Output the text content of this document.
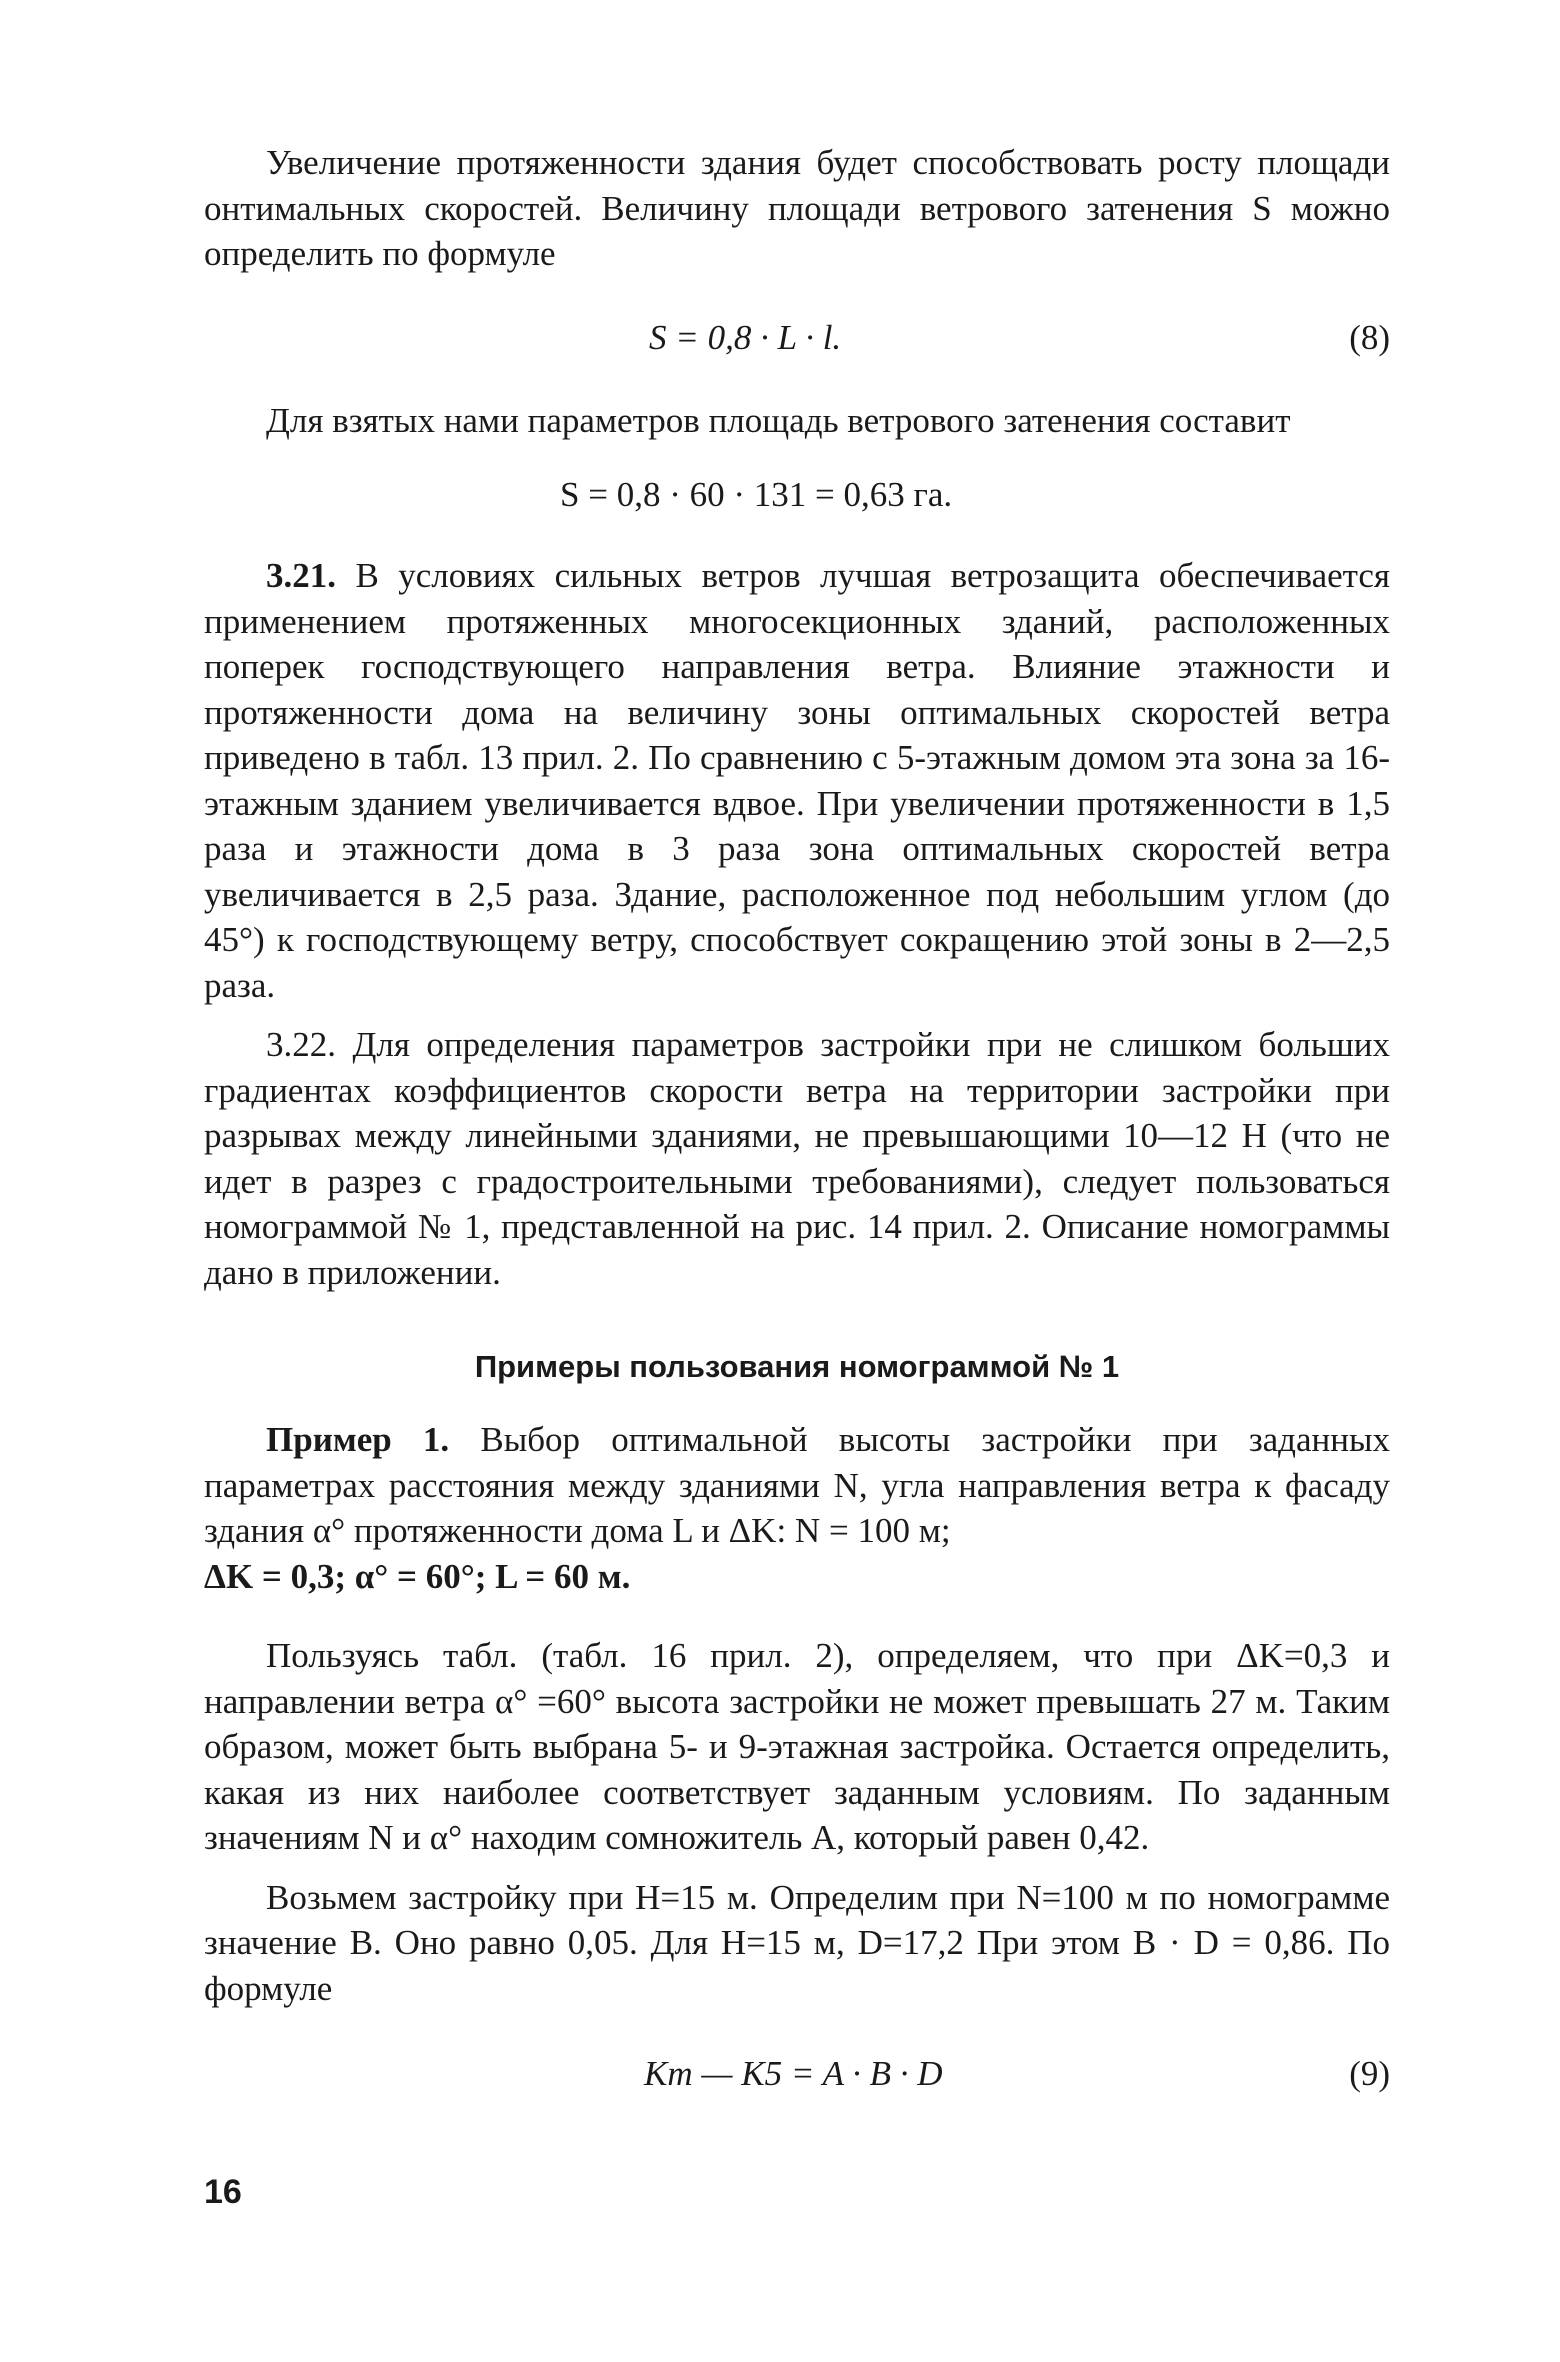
Увеличение протяженности здания будет способствовать росту площади онтимальных скоростей. Величину площади ветрового затенения S можно определить по формуле

S = 0,8 · L · l.	(8)

Для взятых нами параметров площадь ветрового затенения составит

S = 0,8 · 60 · 131 = 0,63 га.

3.21. В условиях сильных ветров лучшая ветрозащита обеспечивается применением протяженных многосекционных зданий, расположенных поперек господствующего направления ветра. Влияние этажности и протяженности дома на величину зоны оптимальных скоростей ветра приведено в табл. 13 прил. 2. По сравнению с 5-этажным домом эта зона за 16-этажным зданием увеличивается вдвое. При увеличении протяженности в 1,5 раза и этажности дома в 3 раза зона оптимальных скоростей ветра увеличивается в 2,5 раза. Здание, расположенное под небольшим углом (до 45°) к господствующему ветру, способствует сокращению этой зоны в 2—2,5 раза.

3.22. Для определения параметров застройки при не слишком больших градиентах коэффициентов скорости ветра на территории застройки при разрывах между линейными зданиями, не превышающими 10—12 Н (что не идет в разрез с градостроительными требованиями), следует пользоваться номограммой № 1, представленной на рис. 14 прил. 2. Описание номограммы дано в приложении.

Примеры пользования номограммой № 1

Пример 1. Выбор оптимальной высоты застройки при заданных параметрах расстояния между зданиями N, угла направления ветра к фасаду здания α° протяженности дома L и ΔK: N = 100 м;

ΔK = 0,3; α° = 60°; L = 60 м.

Пользуясь табл. (табл. 16 прил. 2), определяем, что при ΔK=0,3 и направлении ветра α° =60° высота застройки не может превышать 27 м. Таким образом, может быть выбрана 5- и 9-этажная застройка. Остается определить, какая из них наиболее соответствует заданным условиям. По заданным значениям N и α° находим сомножитель A, который равен 0,42.

Возьмем застройку при H=15 м. Определим при N=100 м по номограмме значение B. Оно равно 0,05. Для H=15 м, D=17,2 При этом B · D = 0,86. По формуле

Km — K5 = A · B · D	(9)
16
